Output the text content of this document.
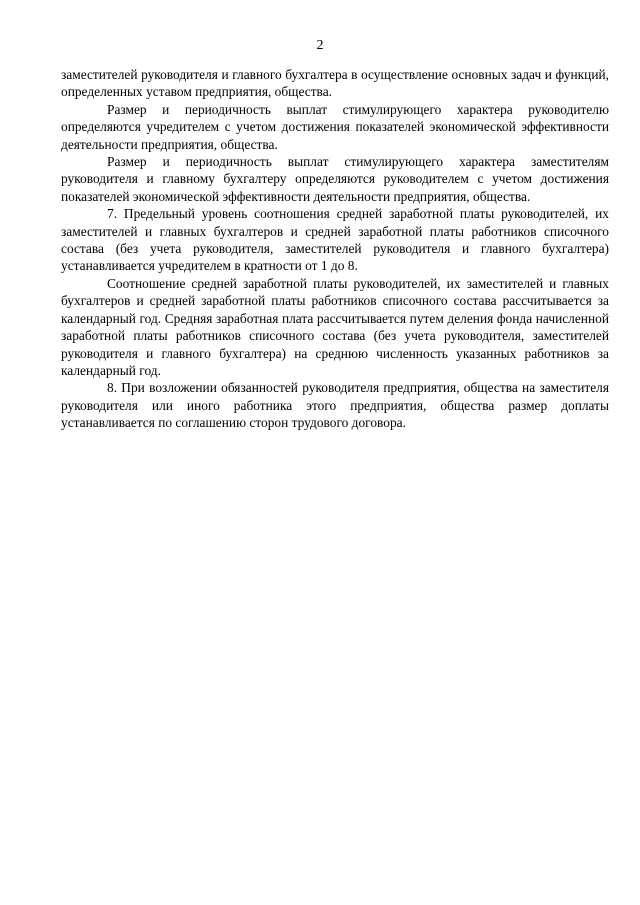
2

заместителей руководителя и главного бухгалтера в осуществление основных задач и функций, определенных уставом предприятия, общества.

Размер и периодичность выплат стимулирующего характера руководителю определяются учредителем с учетом достижения показателей экономической эффективности деятельности предприятия, общества.

Размер и периодичность выплат стимулирующего характера заместителям руководителя и главному бухгалтеру определяются руководителем с учетом достижения показателей экономической эффективности деятельности предприятия, общества.

7. Предельный уровень соотношения средней заработной платы руководителей, их заместителей и главных бухгалтеров и средней заработной платы работников списочного состава (без учета руководителя, заместителей руководителя и главного бухгалтера) устанавливается учредителем в кратности от 1 до 8.

Соотношение средней заработной платы руководителей, их заместителей и главных бухгалтеров и средней заработной платы работников списочного состава рассчитывается за календарный год. Средняя заработная плата рассчитывается путем деления фонда начисленной заработной платы работников списочного состава (без учета руководителя, заместителей руководителя и главного бухгалтера) на среднюю численность указанных работников за календарный год.

8. При возложении обязанностей руководителя предприятия, общества на заместителя руководителя или иного работника этого предприятия, общества размер доплаты устанавливается по соглашению сторон трудового договора.
